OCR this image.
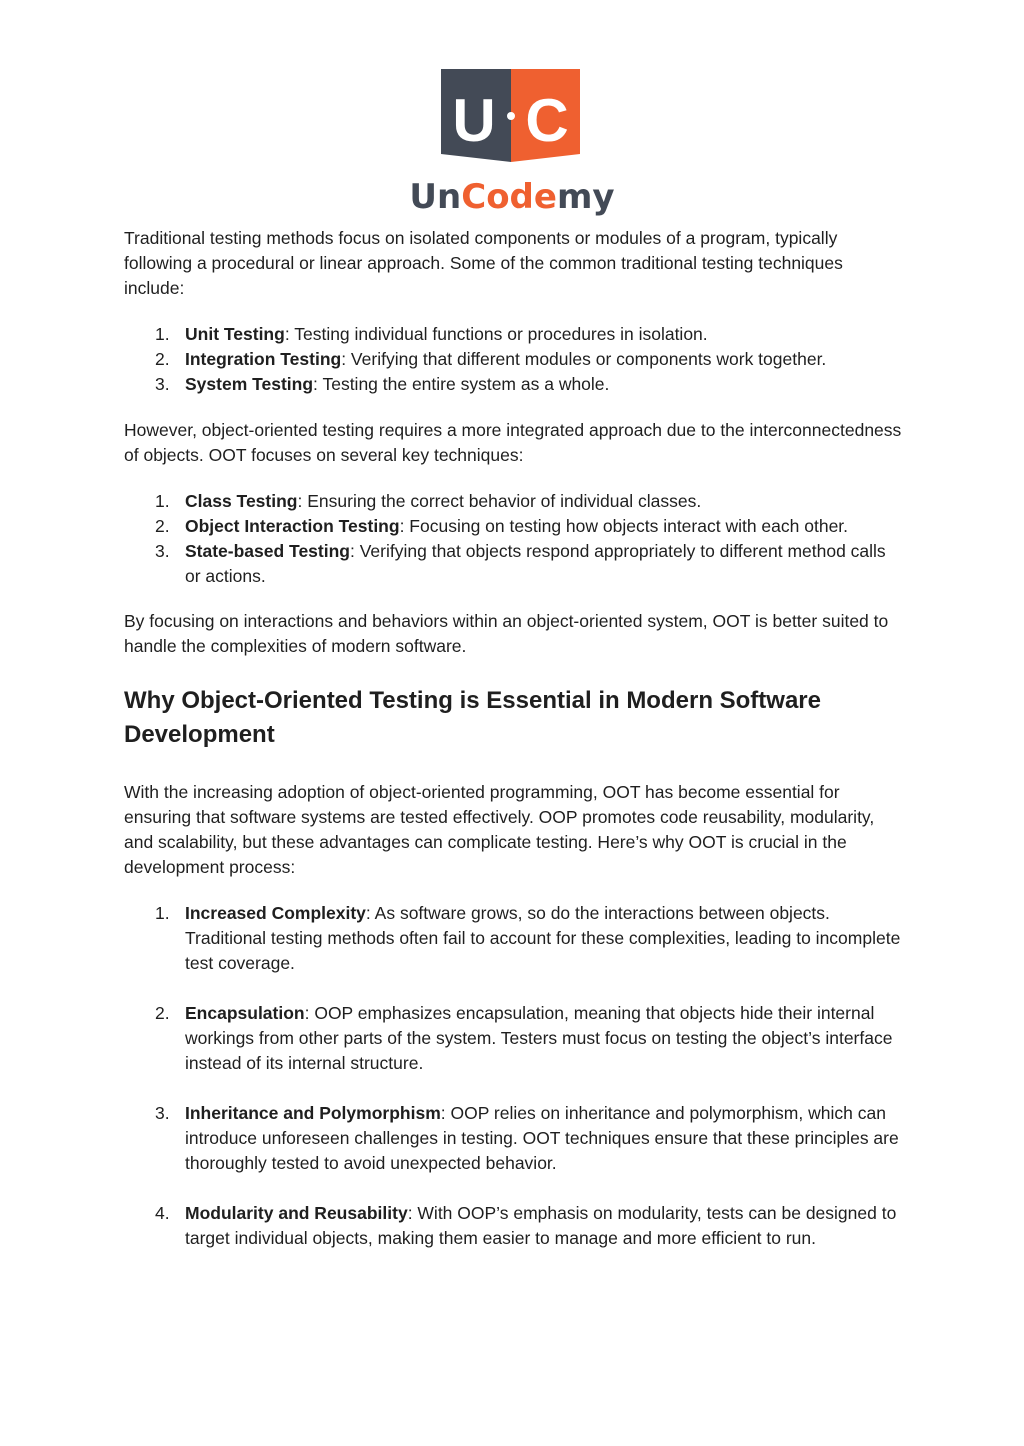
U C
UnCodemy

Traditional testing methods focus on isolated components or modules of a program, typically following a procedural or linear approach. Some of the common traditional testing techniques include:

1. Unit Testing: Testing individual functions or procedures in isolation.
2. Integration Testing: Verifying that different modules or components work together.
3. System Testing: Testing the entire system as a whole.

However, object-oriented testing requires a more integrated approach due to the interconnectedness of objects. OOT focuses on several key techniques:

1. Class Testing: Ensuring the correct behavior of individual classes.
2. Object Interaction Testing: Focusing on testing how objects interact with each other.
3. State-based Testing: Verifying that objects respond appropriately to different method calls or actions.

By focusing on interactions and behaviors within an object-oriented system, OOT is better suited to handle the complexities of modern software.

Why Object-Oriented Testing is Essential in Modern Software Development

With the increasing adoption of object-oriented programming, OOT has become essential for ensuring that software systems are tested effectively. OOP promotes code reusability, modularity, and scalability, but these advantages can complicate testing. Here’s why OOT is crucial in the development process:

1. Increased Complexity: As software grows, so do the interactions between objects. Traditional testing methods often fail to account for these complexities, leading to incomplete test coverage.
2. Encapsulation: OOP emphasizes encapsulation, meaning that objects hide their internal workings from other parts of the system. Testers must focus on testing the object’s interface instead of its internal structure.
3. Inheritance and Polymorphism: OOP relies on inheritance and polymorphism, which can introduce unforeseen challenges in testing. OOT techniques ensure that these principles are thoroughly tested to avoid unexpected behavior.
4. Modularity and Reusability: With OOP’s emphasis on modularity, tests can be designed to target individual objects, making them easier to manage and more efficient to run.
